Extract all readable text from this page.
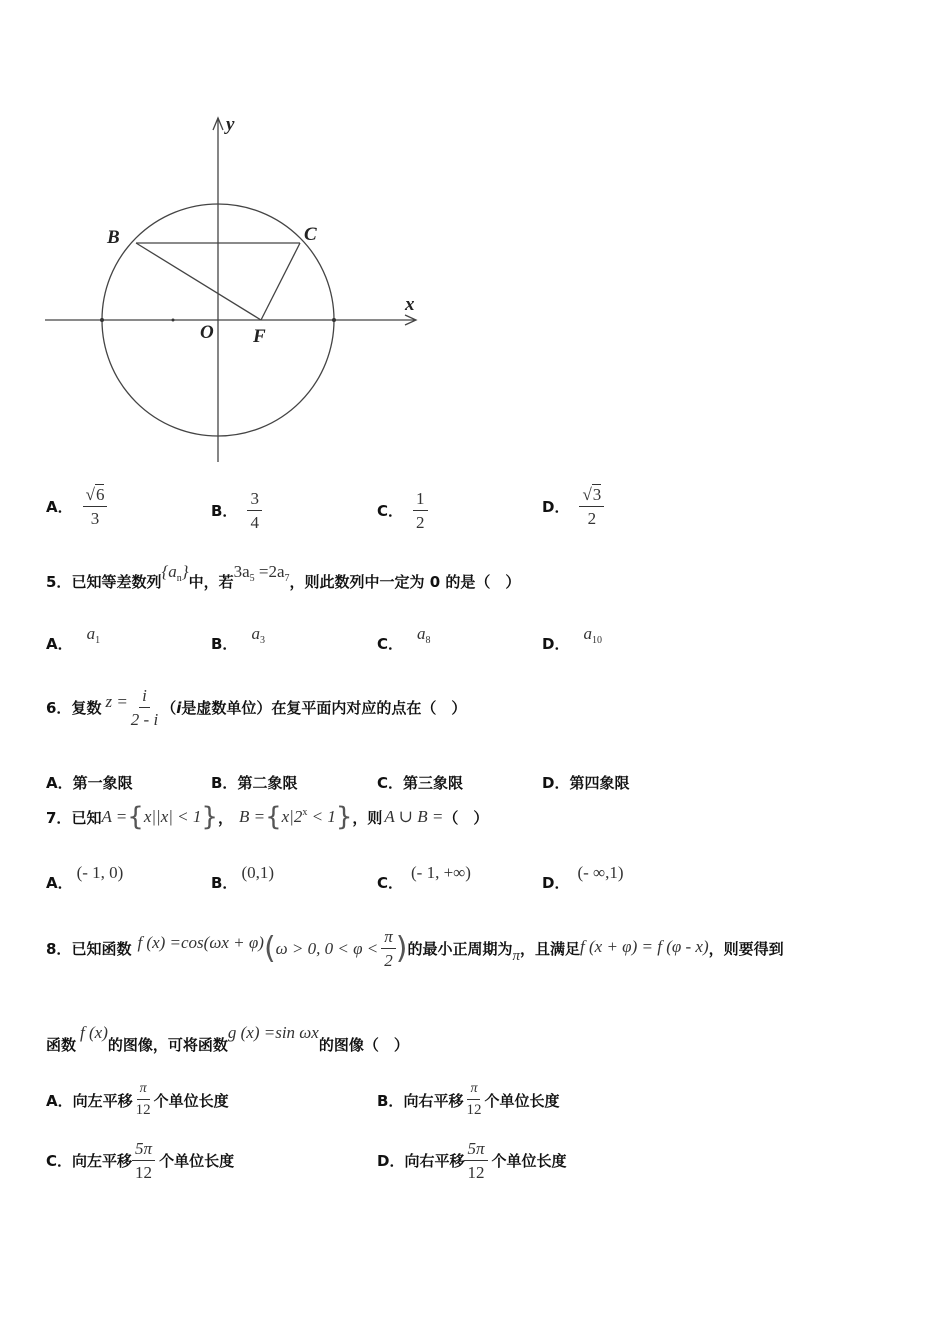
y
x
O
B	C
F
A． $\frac{√6}{3}$	B． $\frac{3}{4}$	C． $\frac{1}{2}$	D． $\frac{√3}{2}$
5． 已知等差数列
$\{a_n\}$
中，若
$3a_5 =2a_7$ ，则此数列中一定为 0 的是（　）
A．
$a_1$	B．
$a_3$	C．
$a_8$	D．
$a_{10}$
6． 复数 $z = \frac{i}{2 - i}$ （ i 是虚数单位）在复平面内对应的点在（　）
A． 第一象限	B． 第二象限	C． 第三象限	D． 第四象限
7． 已知 A = { x||x| < 1 } ， B = { $x|2^x < 1$ } ，则 A ∪ B = （　）
A．
(- 1, 0)
B．
(0,1)
C．
(- 1, +∞)
D．
(- ∞,1)
8． 已知函数 f (x) =cos(ωx + φ) ( ω > 0, $0 < \varphi < \frac{\pi}{2}$ ) 的最小正周期为 π ，且满足 f (x + φ) = f (φ - x) ，则要得到
函数
f (x)
的图像，可将函数
g (x) =sin ωx
的图像（　）
A． 向左平移 $\frac{\pi}{12}$ 个单位长度	B． 向右平移 $\frac{\pi}{12}$ 个单位长度
C． 向左平移 $\frac{5\pi}{12}$ 个单位长度	D． 向右平移 $\frac{5\pi}{12}$ 个单位长度
